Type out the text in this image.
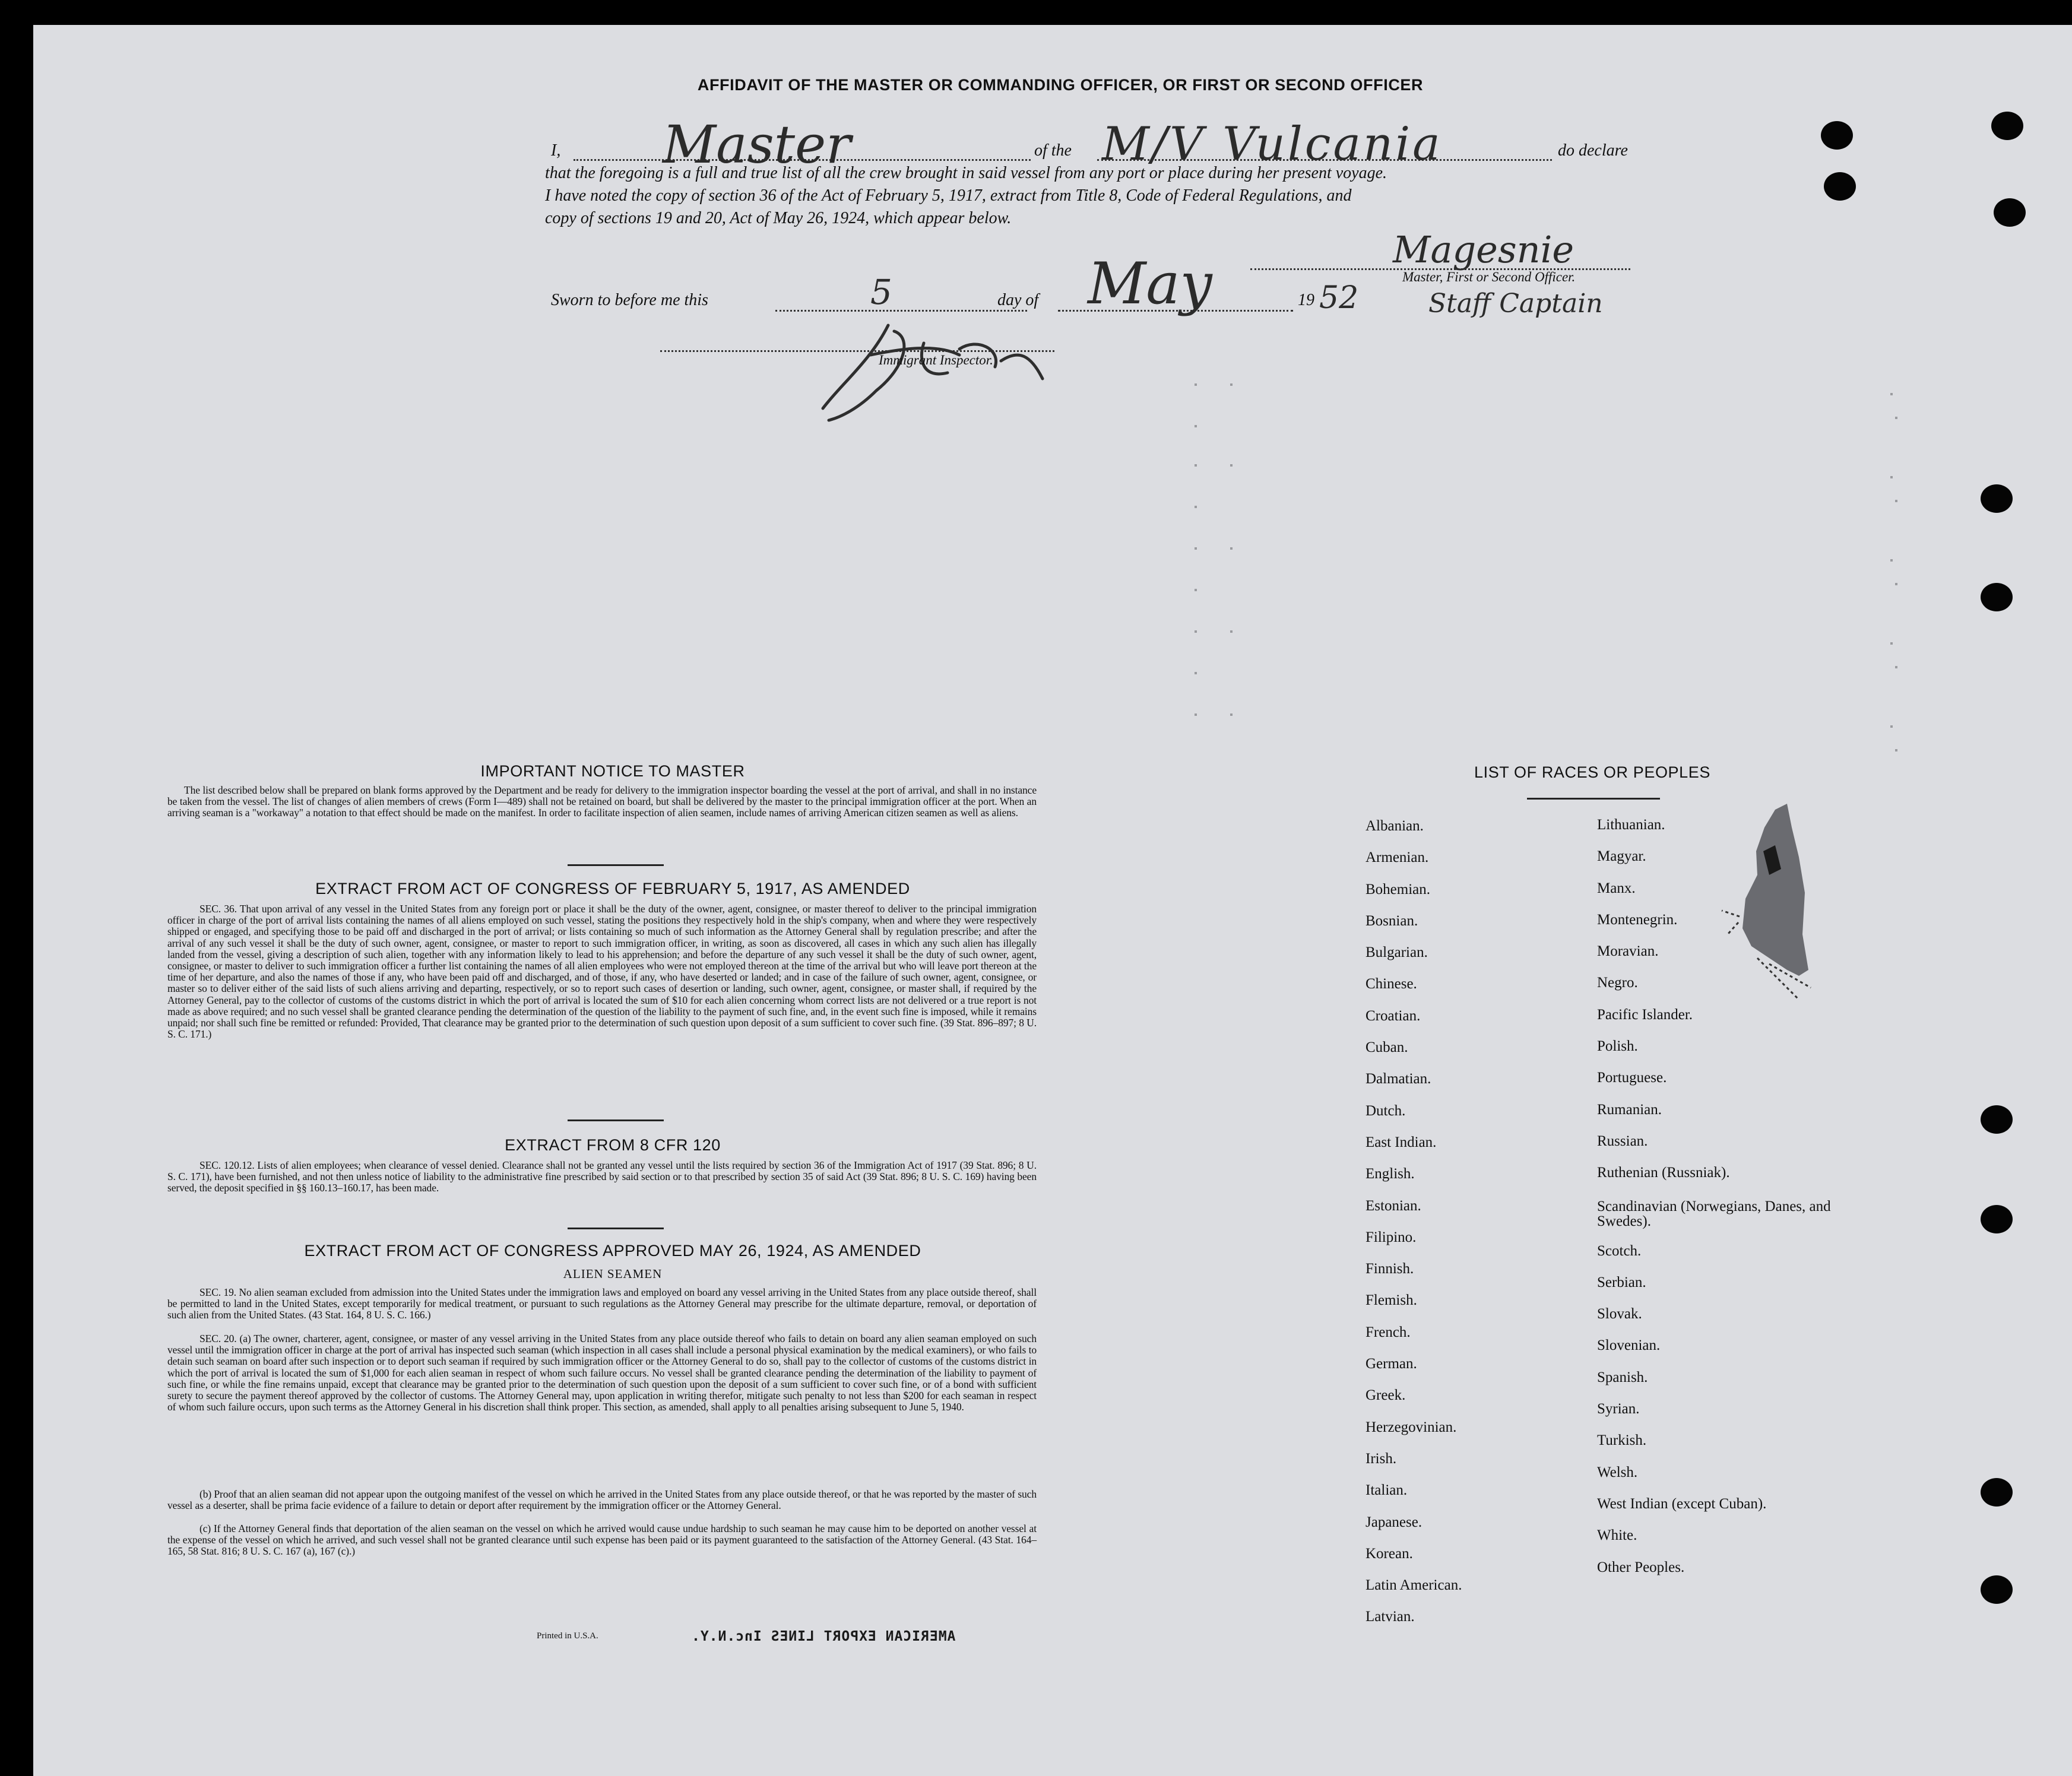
AFFIDAVIT OF THE MASTER OR COMMANDING OFFICER, OR FIRST OR SECOND OFFICER
I, Master	of the M/V Vulcania	do declare
that the foregoing is a full and true list of all the crew brought in said vessel from any port or place during her present voyage.
I have noted the copy of section 36 of the Act of February 5, 1917, extract from Title 8, Code of Federal Regulations, and
copy of sections 19 and 20, Act of May 26, 1924, which appear below.
Magesnie
Master, First or Second Officer.
Staff Captain
Sworn to before me this	5	day of May	19 52
Immigrant Inspector.
IMPORTANT NOTICE TO MASTER
The list described below shall be prepared on blank forms approved by the Department and be ready for delivery to the immigration inspector boarding the vessel at the port of arrival, and shall in no instance be taken from the vessel. The list of changes of alien members of crews (Form I—489) shall not be retained on board, but shall be delivered by the master to the principal immigration officer at the port. When an arriving seaman is a "workaway" a notation to that effect should be made on the manifest. In order to facilitate inspection of alien seamen, include names of arriving American citizen seamen as well as aliens.
EXTRACT FROM ACT OF CONGRESS OF FEBRUARY 5, 1917, AS AMENDED
SEC. 36. That upon arrival of any vessel in the United States from any foreign port or place it shall be the duty of the owner, agent, consignee, or master thereof to deliver to the principal immigration officer in charge of the port of arrival lists containing the names of all aliens employed on such vessel, stating the positions they respectively hold in the ship's company, when and where they were respectively shipped or engaged, and specifying those to be paid off and discharged in the port of arrival; or lists containing so much of such information as the Attorney General shall by regulation prescribe; and after the arrival of any such vessel it shall be the duty of such owner, agent, consignee, or master to report to such immigration officer, in writing, as soon as discovered, all cases in which any such alien has illegally landed from the vessel, giving a description of such alien, together with any information likely to lead to his apprehension; and before the departure of any such vessel it shall be the duty of such owner, agent, consignee, or master to deliver to such immigration officer a further list containing the names of all alien employees who were not employed thereon at the time of the arrival but who will leave port thereon at the time of her departure, and also the names of those if any, who have been paid off and discharged, and of those, if any, who have deserted or landed; and in case of the failure of such owner, agent, consignee, or master so to deliver either of the said lists of such aliens arriving and departing, respectively, or so to report such cases of desertion or landing, such owner, agent, consignee, or master shall, if required by the Attorney General, pay to the collector of customs of the customs district in which the port of arrival is located the sum of $10 for each alien concerning whom correct lists are not delivered or a true report is not made as above required; and no such vessel shall be granted clearance pending the determination of the question of the liability to the payment of such fine, and, in the event such fine is imposed, while it remains unpaid; nor shall such fine be remitted or refunded: Provided, That clearance may be granted prior to the determination of such question upon deposit of a sum sufficient to cover such fine. (39 Stat. 896–897; 8 U. S. C. 171.)
EXTRACT FROM 8 CFR 120
SEC. 120.12. Lists of alien employees; when clearance of vessel denied. Clearance shall not be granted any vessel until the lists required by section 36 of the Immigration Act of 1917 (39 Stat. 896; 8 U. S. C. 171), have been furnished, and not then unless notice of liability to the administrative fine prescribed by said section or to that prescribed by section 35 of said Act (39 Stat. 896; 8 U. S. C. 169) having been served, the deposit specified in §§ 160.13–160.17, has been made.
EXTRACT FROM ACT OF CONGRESS APPROVED MAY 26, 1924, AS AMENDED
ALIEN SEAMEN
SEC. 19. No alien seaman excluded from admission into the United States under the immigration laws and employed on board any vessel arriving in the United States from any place outside thereof, shall be permitted to land in the United States, except temporarily for medical treatment, or pursuant to such regulations as the Attorney General may prescribe for the ultimate departure, removal, or deportation of such alien from the United States. (43 Stat. 164, 8 U. S. C. 166.)
SEC. 20. (a) The owner, charterer, agent, consignee, or master of any vessel arriving in the United States from any place outside thereof who fails to detain on board any alien seaman employed on such vessel until the immigration officer in charge at the port of arrival has inspected such seaman (which inspection in all cases shall include a personal physical examination by the medical examiners), or who fails to detain such seaman on board after such inspection or to deport such seaman if required by such immigration officer or the Attorney General to do so, shall pay to the collector of customs of the customs district in which the port of arrival is located the sum of $1,000 for each alien seaman in respect of whom such failure occurs. No vessel shall be granted clearance pending the determination of the liability to payment of such fine, or while the fine remains unpaid, except that clearance may be granted prior to the determination of such question upon the deposit of a sum sufficient to cover such fine, or of a bond with sufficient surety to secure the payment thereof approved by the collector of customs. The Attorney General may, upon application in writing therefor, mitigate such penalty to not less than $200 for each seaman in respect of whom such failure occurs, upon such terms as the Attorney General in his discretion shall think proper. This section, as amended, shall apply to all penalties arising subsequent to June 5, 1940.
(b) Proof that an alien seaman did not appear upon the outgoing manifest of the vessel on which he arrived in the United States from any place outside thereof, or that he was reported by the master of such vessel as a deserter, shall be prima facie evidence of a failure to detain or deport after requirement by the immigration officer or the Attorney General.
(c) If the Attorney General finds that deportation of the alien seaman on the vessel on which he arrived would cause undue hardship to such seaman he may cause him to be deported on another vessel at the expense of the vessel on which he arrived, and such vessel shall not be granted clearance until such expense has been paid or its payment guaranteed to the satisfaction of the Attorney General. (43 Stat. 164–165, 58 Stat. 816; 8 U. S. C. 167 (a), 167 (c).)
Printed in U.S.A.	AMERICAN EXPORT LINES Inc.N.Y.
LIST OF RACES OR PEOPLES
Albanian.
Armenian.
Bohemian.
Bosnian.
Bulgarian.
Chinese.
Croatian.
Cuban.
Dalmatian.
Dutch.
East Indian.
English.
Estonian.
Filipino.
Finnish.
Flemish.
French.
German.
Greek.
Herzegovinian.
Irish.
Italian.
Japanese.
Korean.
Latin American.
Latvian.
Lithuanian.
Magyar.
Manx.
Montenegrin.
Moravian.
Negro.
Pacific Islander.
Polish.
Portuguese.
Rumanian.
Russian.
Ruthenian (Russniak).
Scandinavian (Norwegians, Danes, and Swedes).
Scotch.
Serbian.
Slovak.
Slovenian.
Spanish.
Syrian.
Turkish.
Welsh.
West Indian (except Cuban).
White.
Other Peoples.
